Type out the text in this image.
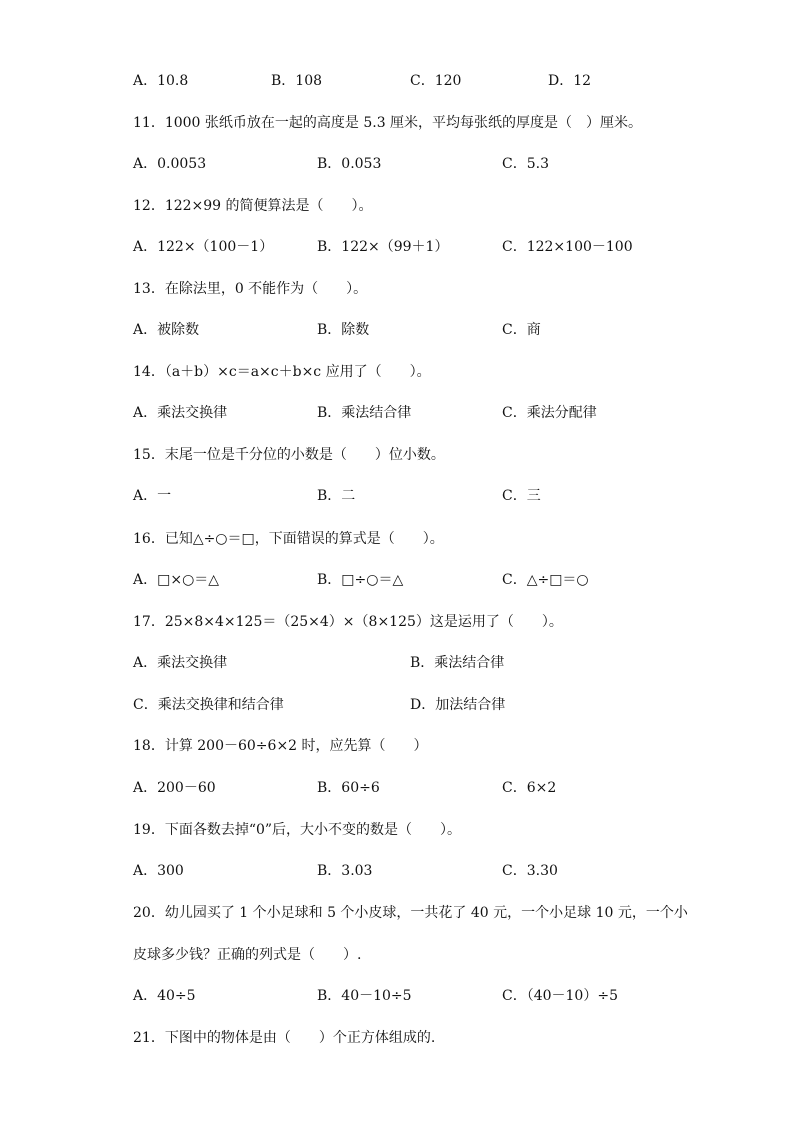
A．10.8	B．108	C．120	D．12
11．1000 张纸币放在一起的高度是 5.3 厘米，平均每张纸的厚度是（　）厘米。
A．0.0053	B．0.053	C．5.3
12．122×99 的简便算法是（　　）。
A．122×（100－1）	B．122×（99＋1）	C．122×100－100
13．在除法里，0 不能作为（　　）。
A．被除数	B．除数	C．商
14．（a＋b）×c＝a×c＋b×c 应用了（　　）。
A．乘法交换律	B．乘法结合律	C．乘法分配律
15．末尾一位是千分位的小数是（　　）位小数。
A．一	B．二	C．三
16．已知△÷○＝□，下面错误的算式是（　　）。
A．□×○＝△	B．□÷○＝△	C．△÷□＝○
17．25×8×4×125＝（25×4）×（8×125）这是运用了（　　）。
A．乘法交换律	B．乘法结合律
C．乘法交换律和结合律	D．加法结合律
18．计算 200－60÷6×2 时，应先算（　　）
A．200－60	B．60÷6	C．6×2
19．下面各数去掉“0”后，大小不变的数是（　　）。
A．300	B．3.03	C．3.30
20．幼儿园买了 1 个小足球和 5 个小皮球，一共花了 40 元，一个小足球 10 元，一个小
皮球多少钱？正确的列式是（　　）.
A．40÷5	B．40－10÷5	C．（40－10）÷5
21．下图中的物体是由（　　）个正方体组成的.
